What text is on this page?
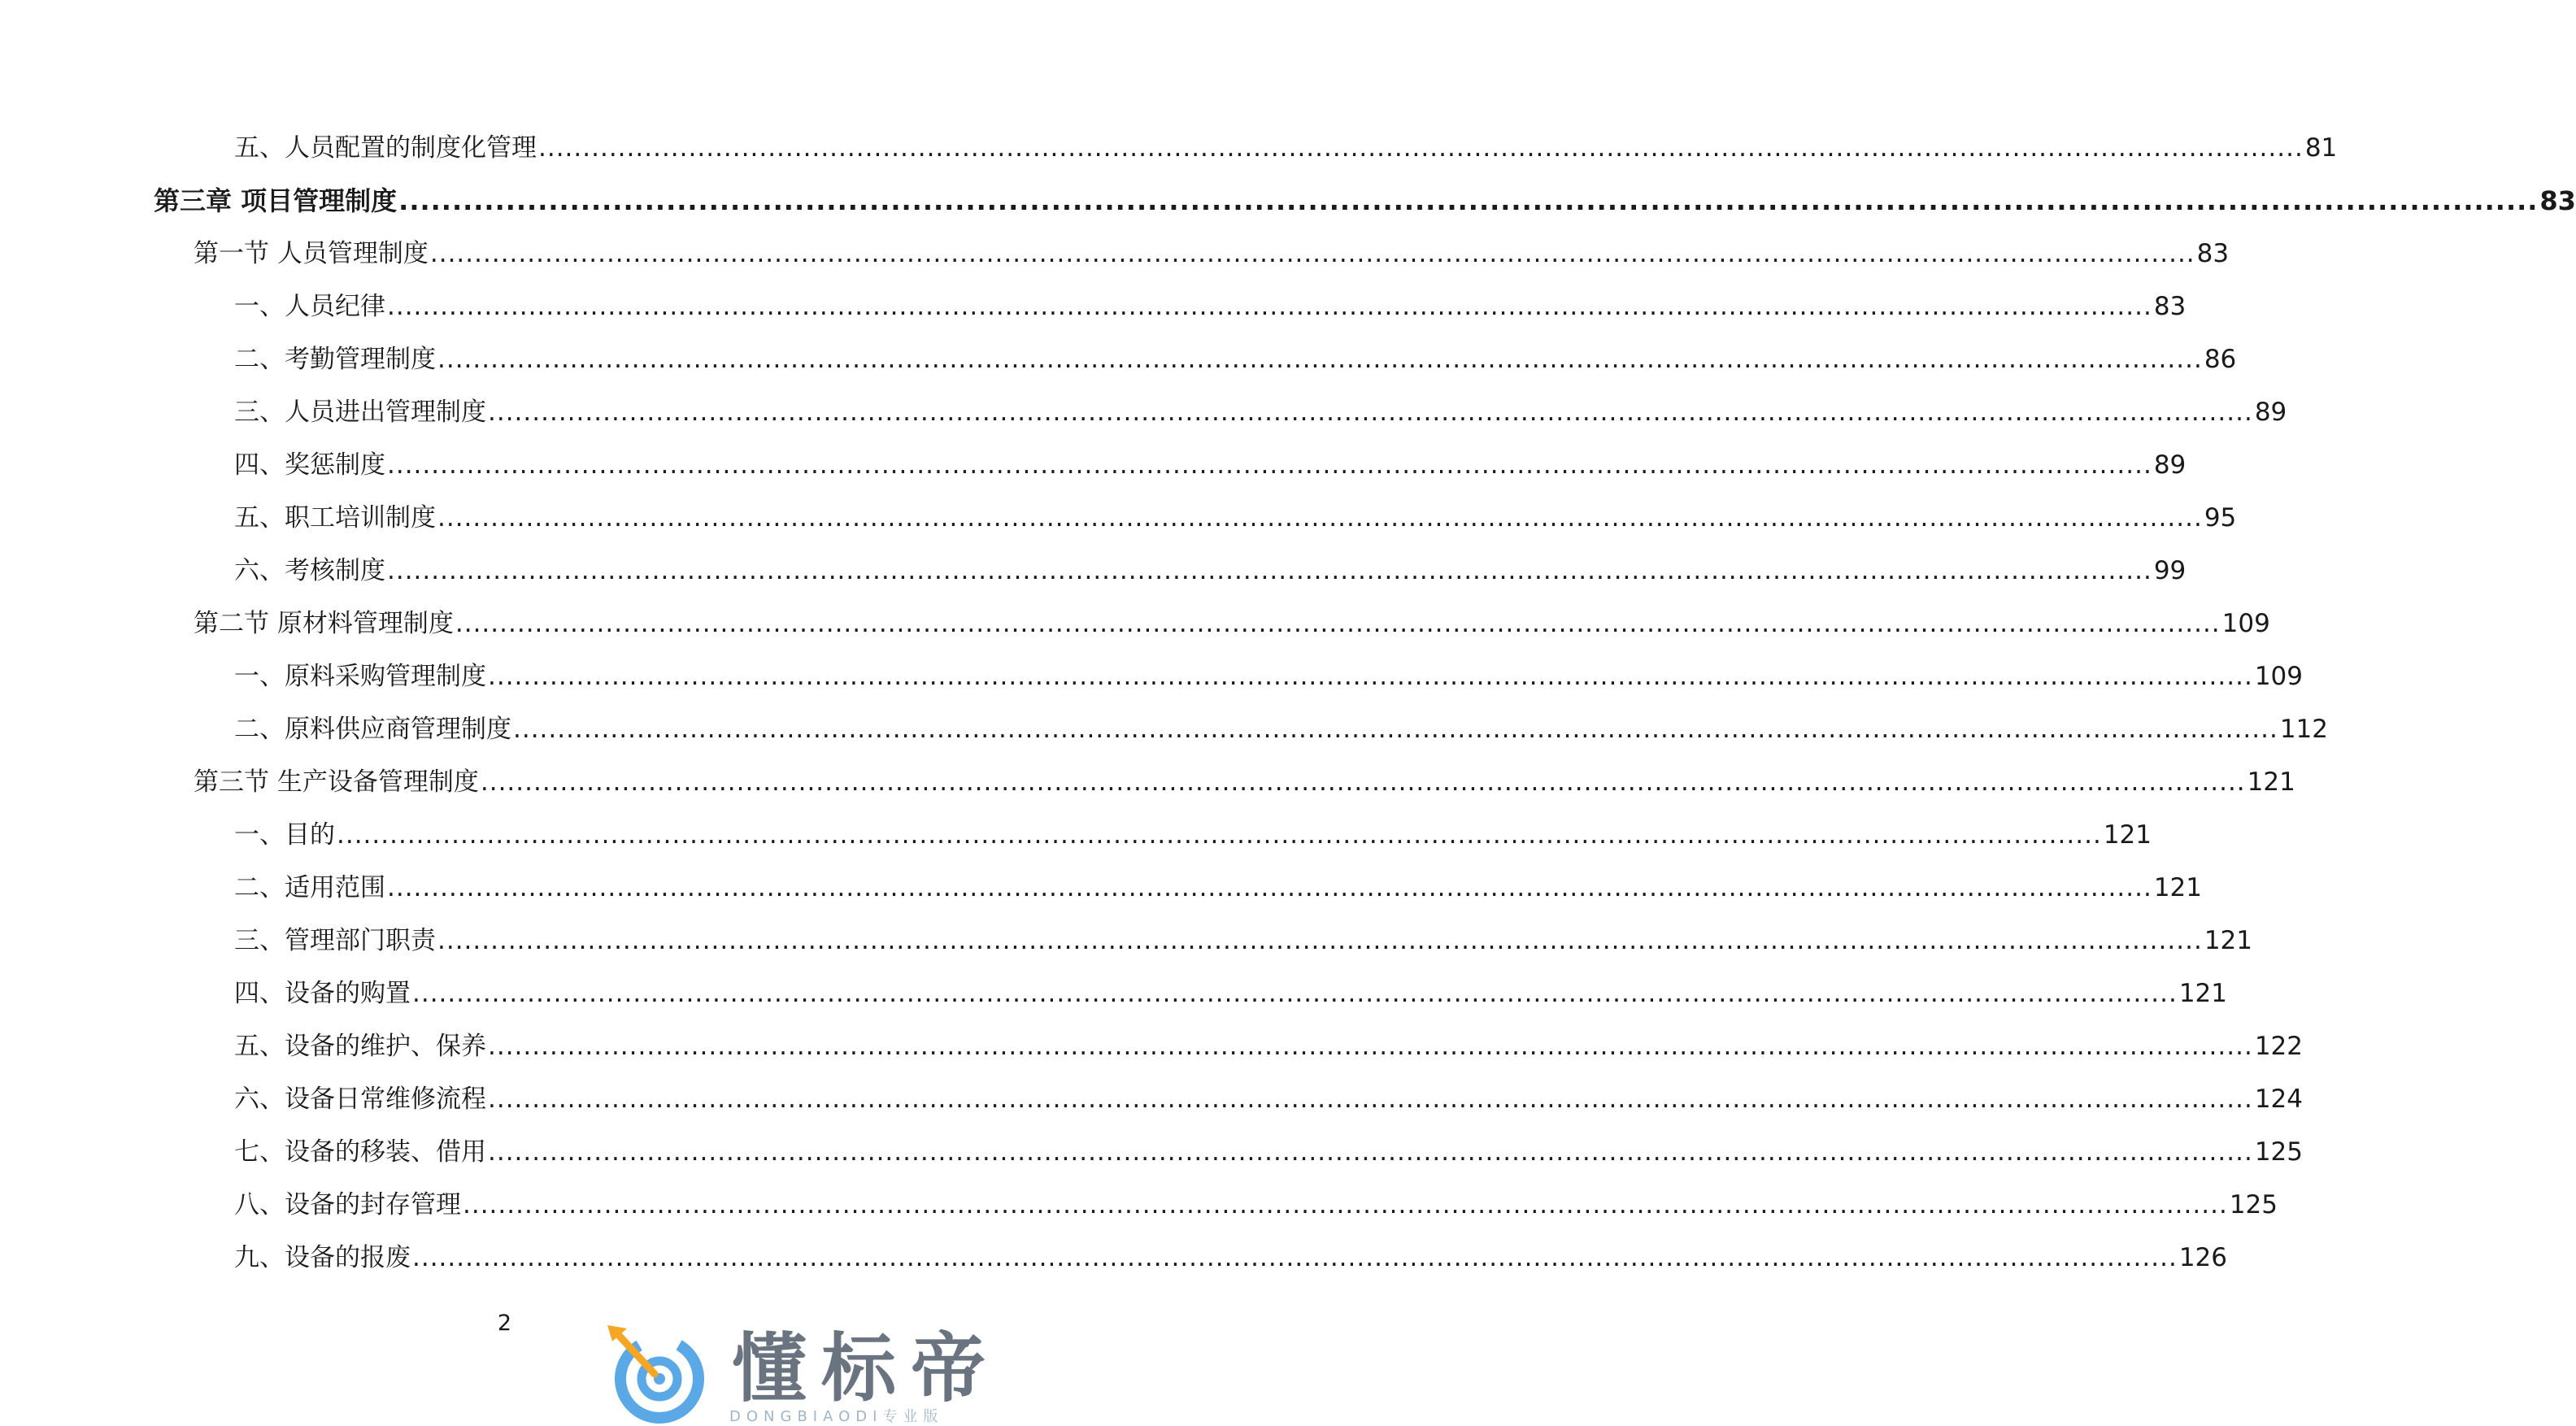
五、人员配置的制度化管理 ........................................................................................................................................................................................................ 81
第三章 项目管理制度 ........................................................................................................................................................................................................ 83
第一节 人员管理制度 ........................................................................................................................................................................................................ 83
一、人员纪律 ........................................................................................................................................................................................................ 83
二、考勤管理制度 ........................................................................................................................................................................................................ 86
三、人员进出管理制度 ........................................................................................................................................................................................................ 89
四、奖惩制度 ........................................................................................................................................................................................................ 89
五、职工培训制度 ........................................................................................................................................................................................................ 95
六、考核制度 ........................................................................................................................................................................................................ 99
第二节 原材料管理制度 ........................................................................................................................................................................................................ 109
一、原料采购管理制度 ........................................................................................................................................................................................................ 109
二、原料供应商管理制度 ........................................................................................................................................................................................................ 112
第三节 生产设备管理制度 ........................................................................................................................................................................................................ 121
一、目的 ........................................................................................................................................................................................................ 121
二、适用范围 ........................................................................................................................................................................................................ 121
三、管理部门职责 ........................................................................................................................................................................................................ 121
四、设备的购置 ........................................................................................................................................................................................................ 121
五、设备的维护、保养 ........................................................................................................................................................................................................ 122
六、设备日常维修流程 ........................................................................................................................................................................................................ 124
七、设备的移装、借用 ........................................................................................................................................................................................................ 125
八、设备的封存管理 ........................................................................................................................................................................................................ 125
九、设备的报废 ........................................................................................................................................................................................................ 126
2
懂标帝
DONGBIAODI专业版
